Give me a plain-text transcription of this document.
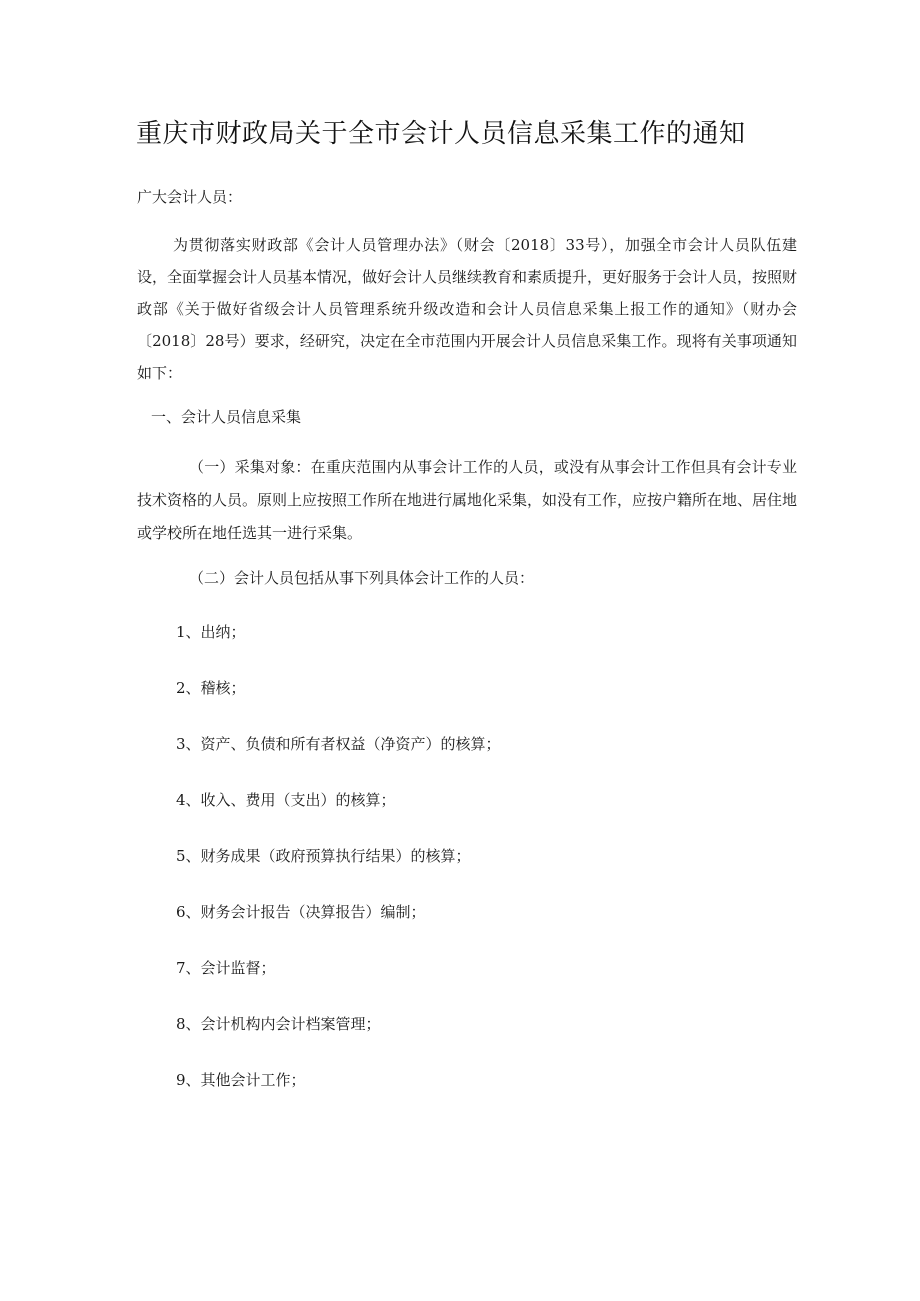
重庆市财政局关于全市会计人员信息采集工作的通知
广大会计人员：
为贯彻落实财政部《会计人员管理办法》（财会〔2018〕33号），加强全市会计人员队伍建设，全面掌握会计人员基本情况，做好会计人员继续教育和素质提升，更好服务于会计人员，按照财政部《关于做好省级会计人员管理系统升级改造和会计人员信息采集上报工作的通知》（财办会〔2018〕28号）要求，经研究，决定在全市范围内开展会计人员信息采集工作。现将有关事项通知如下：
一、会计人员信息采集
（一）采集对象：在重庆范围内从事会计工作的人员，或没有从事会计工作但具有会计专业技术资格的人员。原则上应按照工作所在地进行属地化采集，如没有工作，应按户籍所在地、居住地或学校所在地任选其一进行采集。
（二）会计人员包括从事下列具体会计工作的人员：
1、出纳；
2、稽核；
3、资产、负债和所有者权益（净资产）的核算；
4、收入、费用（支出）的核算；
5、财务成果（政府预算执行结果）的核算；
6、财务会计报告（决算报告）编制；
7、会计监督；
8、会计机构内会计档案管理；
9、其他会计工作；
